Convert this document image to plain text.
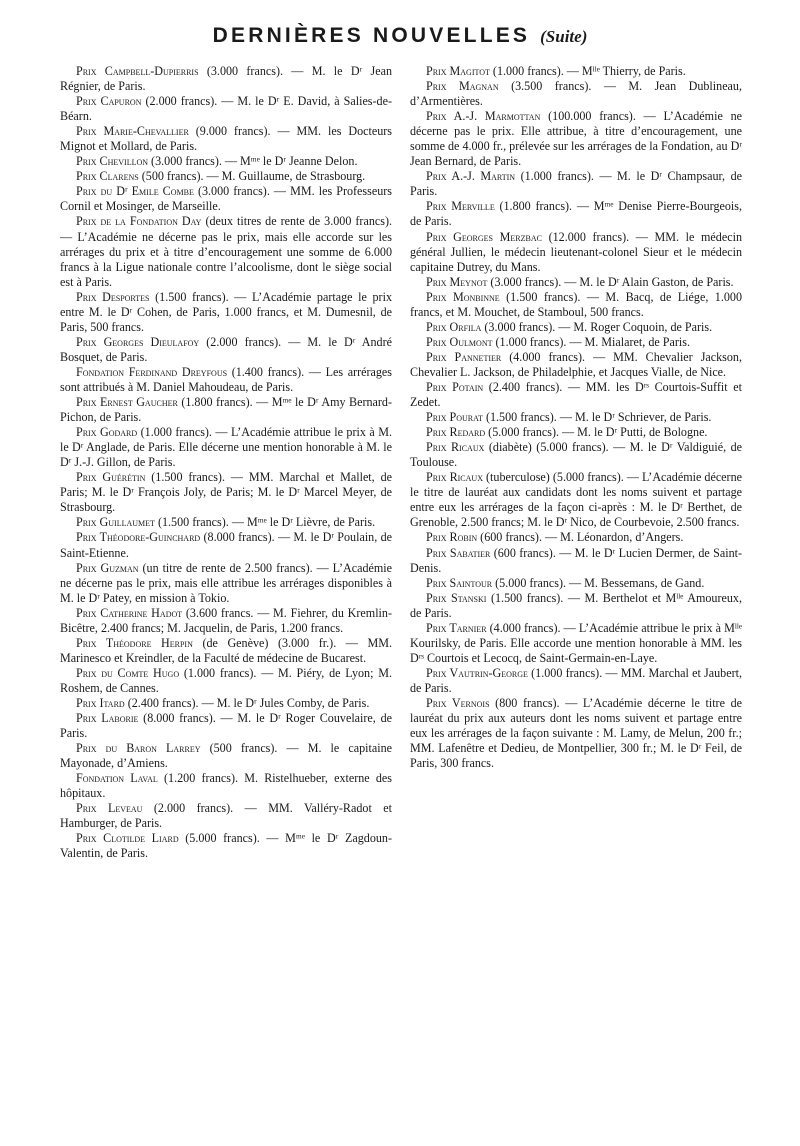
DERNIÈRES NOUVELLES (Suite)

Prix Campbell-Dupierris (3.000 francs). — M. le Dʳ Jean Régnier, de Paris.

Prix Capuron (2.000 francs). — M. le Dʳ E. David, à Salies-de-Béarn.

Prix Marie-Chevallier (9.000 francs). — MM. les Docteurs Mignot et Mollard, de Paris.

Prix Chevillon (3.000 francs). — Mᵐᵉ le Dʳ Jeanne Delon.

Prix Clarens (500 francs). — M. Guillaume, de Strasbourg.

Prix du Dʳ Emile Combe (3.000 francs). — MM. les Professeurs Cornil et Mosinger, de Marseille.

Prix de la Fondation Day (deux titres de rente de 3.000 francs). — L’Académie ne décerne pas le prix, mais elle accorde sur les arrérages du prix et à titre d’encouragement une somme de 6.000 francs à la Ligue nationale contre l’alcoolisme, dont le siège social est à Paris.

Prix Desportes (1.500 francs). — L’Académie partage le prix entre M. le Dʳ Cohen, de Paris, 1.000 francs, et M. Dumesnil, de Paris, 500 francs.

Prix Georges Dieulafoy (2.000 francs). — M. le Dʳ André Bosquet, de Paris.

Fondation Ferdinand Dreyfous (1.400 francs). — Les arrérages sont attribués à M. Daniel Mahoudeau, de Paris.

Prix Ernest Gaucher (1.800 francs). — Mᵐᵉ le Dʳ Amy Bernard-Pichon, de Paris.

Prix Godard (1.000 francs). — L’Académie attribue le prix à M. le Dʳ Anglade, de Paris. Elle décerne une mention honorable à M. le Dʳ J.-J. Gillon, de Paris.

Prix Guérétin (1.500 francs). — MM. Marchal et Mallet, de Paris; M. le Dʳ François Joly, de Paris; M. le Dʳ Marcel Meyer, de Strasbourg.

Prix Guillaumet (1.500 francs). — Mᵐᵉ le Dʳ Lièvre, de Paris.

Prix Théodore-Guinchard (8.000 francs). — M. le Dʳ Poulain, de Saint-Etienne.

Prix Guzman (un titre de rente de 2.500 francs). — L’Académie ne décerne pas le prix, mais elle attribue les arrérages disponibles à M. le Dʳ Patey, en mission à Tokio.

Prix Catherine Hadot (3.600 francs. — M. Fiehrer, du Kremlin-Bicêtre, 2.400 francs; M. Jacquelin, de Paris, 1.200 francs.

Prix Théodore Herpin (de Genève) (3.000 fr.). — MM. Marinesco et Kreindler, de la Faculté de médecine de Bucarest.

Prix du Comte Hugo (1.000 francs). — M. Piéry, de Lyon; M. Roshem, de Cannes.

Prix Itard (2.400 francs). — M. le Dʳ Jules Comby, de Paris.

Prix Laborie (8.000 francs). — M. le Dʳ Roger Couvelaire, de Paris.

Prix du Baron Larrey (500 francs). — M. le capitaine Mayonade, d’Amiens.

Fondation Laval (1.200 francs). M. Ristelhueber, externe des hôpitaux.

Prix Leveau (2.000 francs). — MM. Valléry-Radot et Hamburger, de Paris.

Prix Clotilde Liard (5.000 francs). — Mᵐᵉ le Dʳ Zagdoun-Valentin, de Paris.

Prix Magitot (1.000 francs). — Mˡˡᵉ Thierry, de Paris.

Prix Magnan (3.500 francs). — M. Jean Dublineau, d’Armentières.

Prix A.-J. Marmottan (100.000 francs). — L’Académie ne décerne pas le prix. Elle attribue, à titre d’encouragement, une somme de 4.000 fr., prélevée sur les arrérages de la Fondation, au Dʳ Jean Bernard, de Paris.

Prix A.-J. Martin (1.000 francs). — M. le Dʳ Champsaur, de Paris.

Prix Merville (1.800 francs). — Mᵐᵉ Denise Pierre-Bourgeois, de Paris.

Prix Georges Merzbac (12.000 francs). — MM. le médecin général Jullien, le médecin lieutenant-colonel Sieur et le médecin capitaine Dutrey, du Mans.

Prix Meynot (3.000 francs). — M. le Dʳ Alain Gaston, de Paris.

Prix Monbinne (1.500 francs). — M. Bacq, de Liége, 1.000 francs, et M. Mouchet, de Stamboul, 500 francs.

Prix Orfila (3.000 francs). — M. Roger Coquoin, de Paris.

Prix Oulmont (1.000 francs). — M. Mialaret, de Paris.

Prix Pannetier (4.000 francs). — MM. Chevalier Jackson, Chevalier L. Jackson, de Philadelphie, et Jacques Vialle, de Nice.

Prix Potain (2.400 francs). — MM. les Dʳˢ Courtois-Suffit et Zedet.

Prix Pourat (1.500 francs). — M. le Dʳ Schriever, de Paris.

Prix Redard (5.000 francs). — M. le Dʳ Putti, de Bologne.

Prix Ricaux (diabète) (5.000 francs). — M. le Dʳ Valdiguié, de Toulouse.

Prix Ricaux (tuberculose) (5.000 francs). — L’Académie décerne le titre de lauréat aux candidats dont les noms suivent et partage entre eux les arrérages de la façon ci-après : M. le Dʳ Berthet, de Grenoble, 2.500 francs; M. le Dʳ Nico, de Courbevoie, 2.500 francs.

Prix Robin (600 francs). — M. Léonardon, d’Angers.

Prix Sabatier (600 francs). — M. le Dʳ Lucien Dermer, de Saint-Denis.

Prix Saintour (5.000 francs). — M. Bessemans, de Gand.

Prix Stanski (1.500 francs). — M. Berthelot et Mˡˡᵉ Amoureux, de Paris.

Prix Tarnier (4.000 francs). — L’Académie attribue le prix à Mˡˡᵉ Kourilsky, de Paris. Elle accorde une mention honorable à MM. les Dʳˢ Courtois et Lecocq, de Saint-Germain-en-Laye.

Prix Vautrin-George (1.000 francs). — MM. Marchal et Jaubert, de Paris.

Prix Vernois (800 francs). — L’Académie décerne le titre de lauréat du prix aux auteurs dont les noms suivent et partage entre eux les arrérages de la façon suivante : M. Lamy, de Melun, 200 fr.; MM. Lafenêtre et Dedieu, de Montpellier, 300 fr.; M. le Dʳ Feil, de Paris, 300 francs.
